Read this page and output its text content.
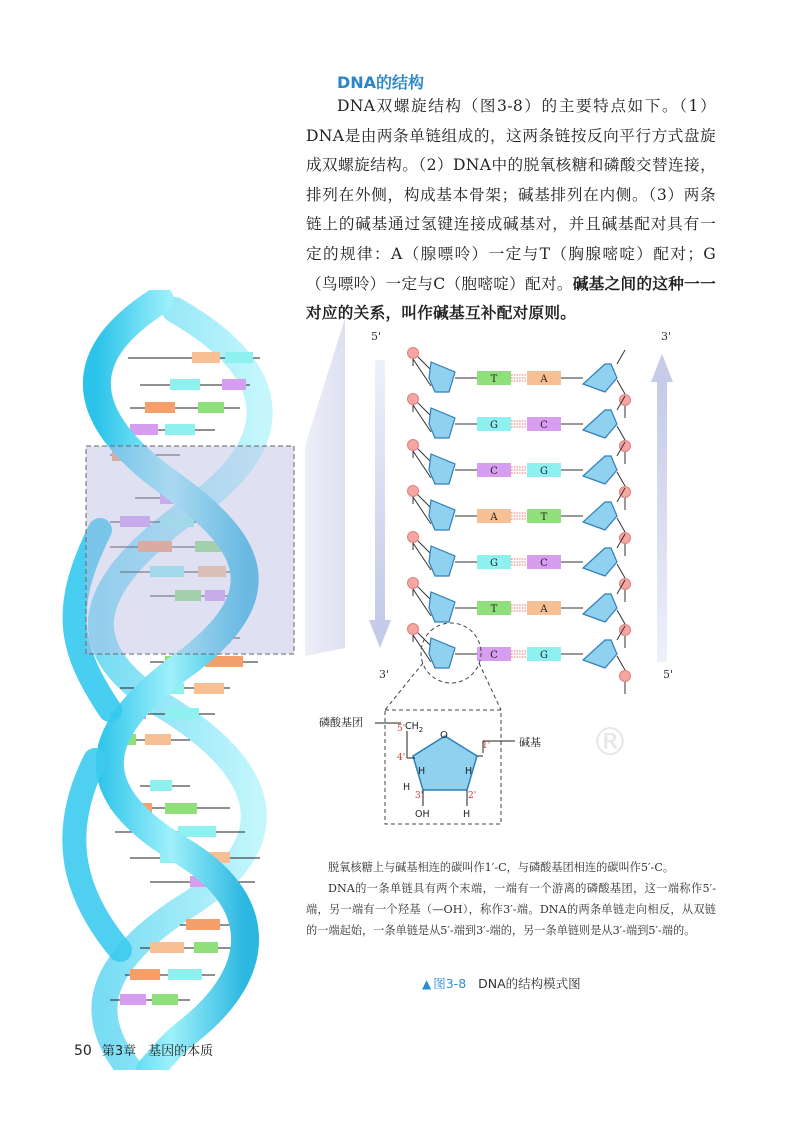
DNA的结构

DNA双螺旋结构（图3-8）的主要特点如下。（1）DNA是由两条单链组成的，这两条链按反向平行方式盘旋成双螺旋结构。（2）DNA中的脱氧核糖和磷酸交替连接，排列在外侧，构成基本骨架；碱基排列在内侧。（3）两条链上的碱基通过氢键连接成碱基对，并且碱基配对具有一定的规律：A（腺嘌呤）一定与T（胸腺嘧啶）配对；G（鸟嘌呤）一定与C（胞嘧啶）配对。碱基之间的这种一一对应的关系，叫作碱基互补配对原则。

5'
3'
3'
5'
T	A
G	C
C	G
A	T
G	C
T	A
C	G
O
$CH_2$
5'
4'
1'
3'	2'
H
H
H
OH	H
磷酸基团
碱基 ®

脱氧核糖上与碱基相连的碳叫作1′-C，与磷酸基团相连的碳叫作5′-C。

DNA的一条单链具有两个末端，一端有一个游离的磷酸基团，这一端称作5′-端，另一端有一个羟基（—OH），称作3′-端。DNA的两条单链走向相反，从双链的一端起始，一条单链是从5′-端到3′-端的，另一条单链则是从3′-端到5′-端的。

▲ 图3-8 DNA的结构模式图
50 第3章 基因的本质
